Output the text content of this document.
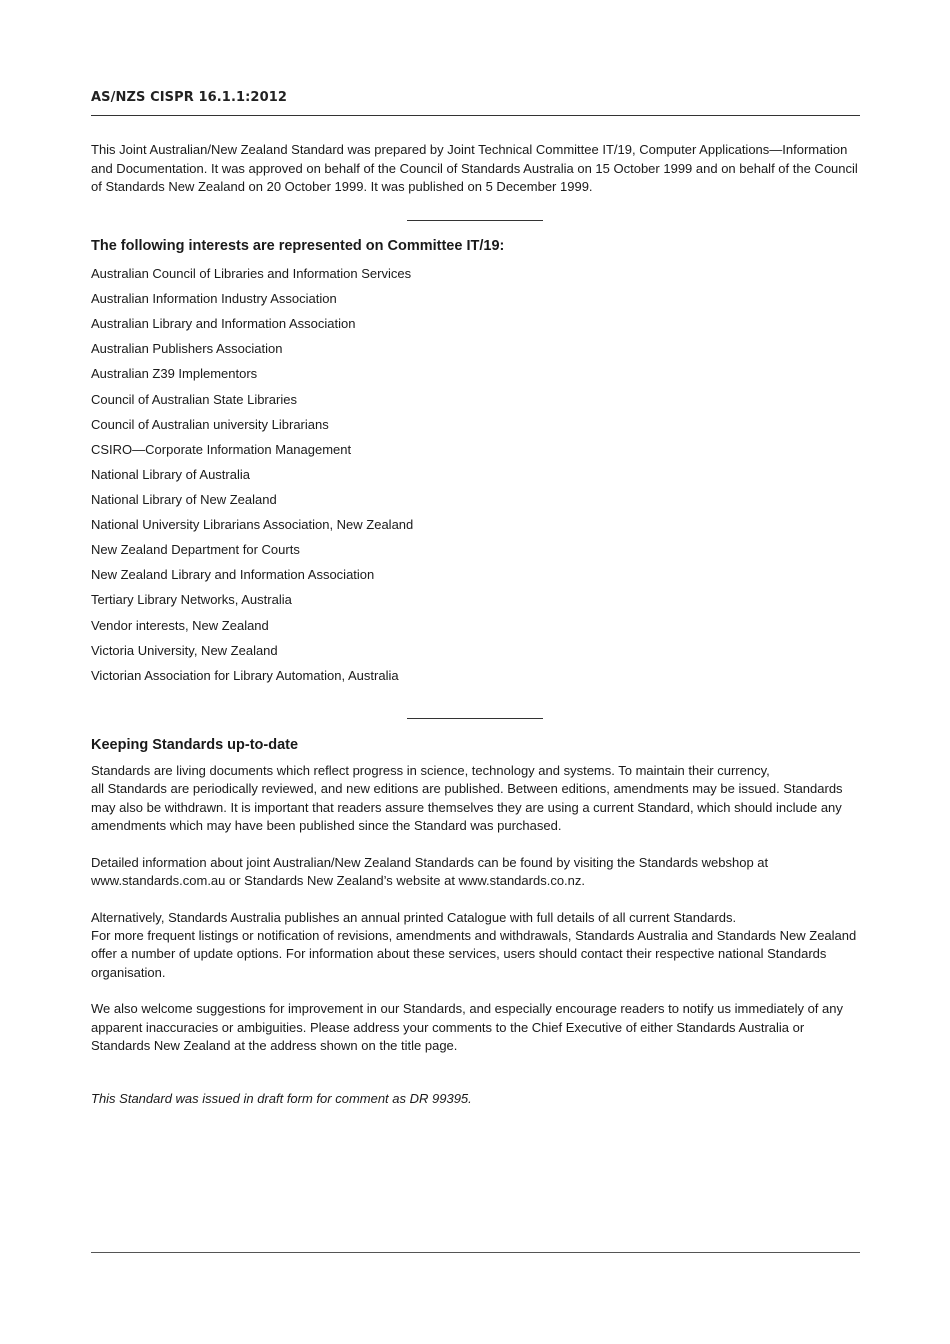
AS/NZS CISPR 16.1.1:2012

This Joint Australian/New Zealand Standard was prepared by Joint Technical Committee IT/19, Computer Applications—Information and Documentation. It was approved on behalf of the Council of Standards Australia on 15 October 1999 and on behalf of the Council of Standards New Zealand on 20 October 1999. It was published on 5 December 1999.

The following interests are represented on Committee IT/19:
Australian Council of Libraries and Information Services
Australian Information Industry Association
Australian Library and Information Association
Australian Publishers Association
Australian Z39 Implementors
Council of Australian State Libraries
Council of Australian university Librarians
CSIRO—Corporate Information Management
National Library of Australia
National Library of New Zealand
National University Librarians Association, New Zealand
New Zealand Department for Courts
New Zealand Library and Information Association
Tertiary Library Networks, Australia
Vendor interests, New Zealand
Victoria University, New Zealand
Victorian Association for Library Automation, Australia
Keeping Standards up-to-date

Standards are living documents which reflect progress in science, technology and systems. To maintain their currency,
all Standards are periodically reviewed, and new editions are published. Between editions, amendments may be issued. Standards may also be withdrawn. It is important that readers assure themselves they are using a current Standard, which should include any amendments which may have been published since the Standard was purchased.

Detailed information about joint Australian/New Zealand Standards can be found by visiting the Standards webshop at www.standards.com.au or Standards New Zealand’s website at www.standards.co.nz.

Alternatively, Standards Australia publishes an annual printed Catalogue with full details of all current Standards.
For more frequent listings or notification of revisions, amendments and withdrawals, Standards Australia and Standards New Zealand offer a number of update options. For information about these services, users should contact their respective national Standards organisation.

We also welcome suggestions for improvement in our Standards, and especially encourage readers to notify us immediately of any apparent inaccuracies or ambiguities. Please address your comments to the Chief Executive of either Standards Australia or Standards New Zealand at the address shown on the title page.

This Standard was issued in draft form for comment as DR 99395.
